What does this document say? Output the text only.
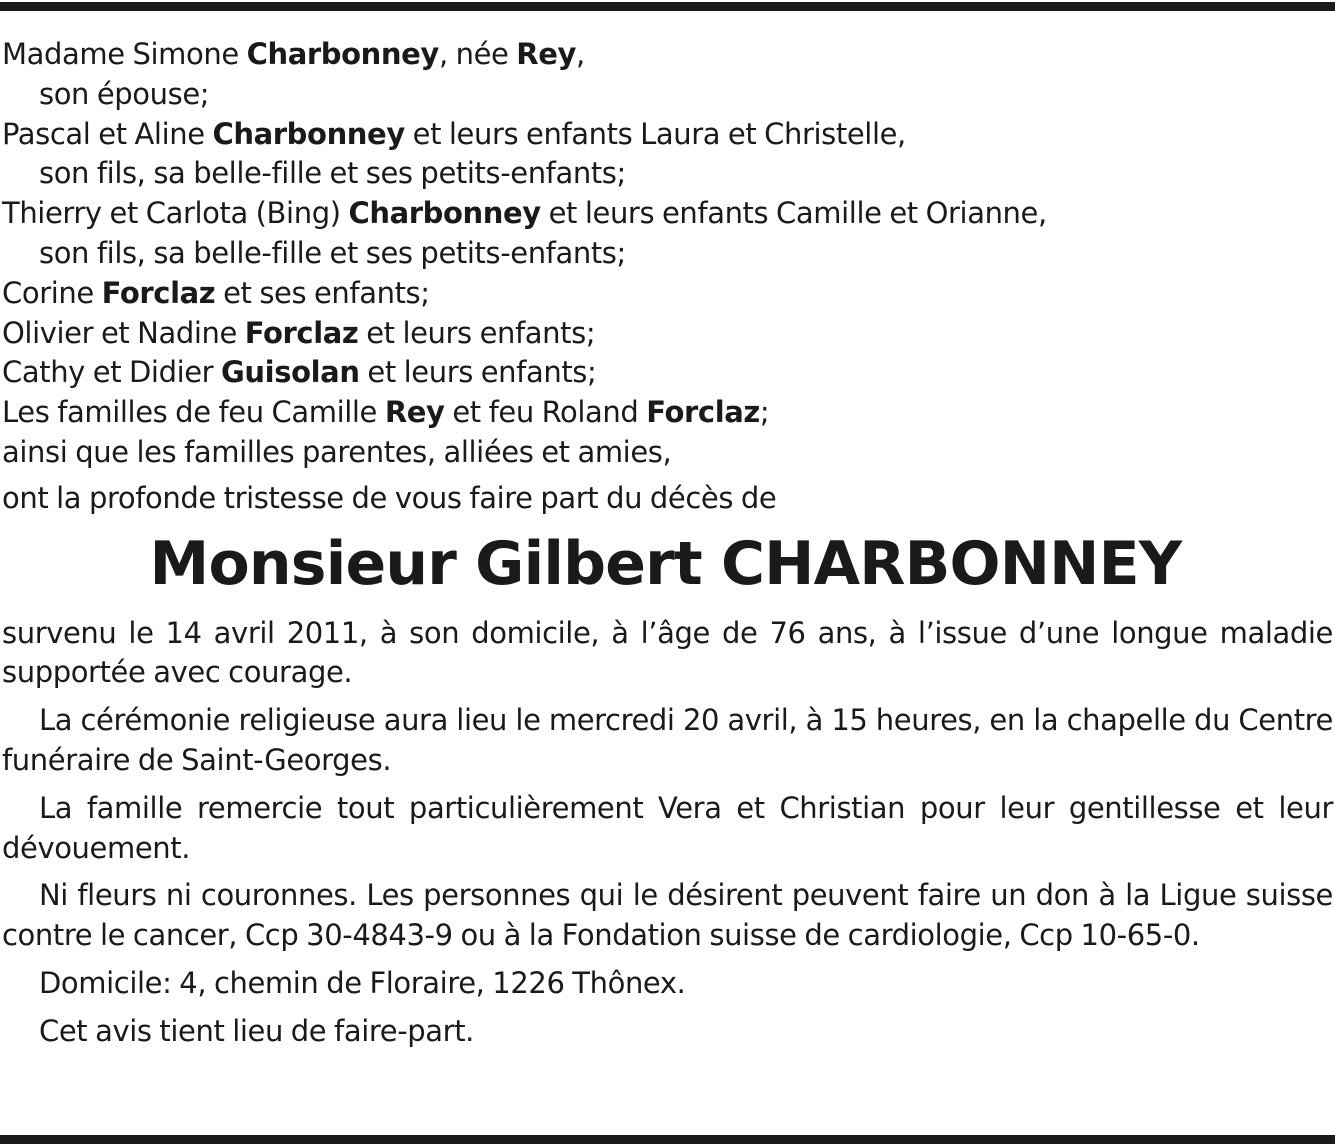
Madame Simone Charbonney, née Rey,
son épouse;
Pascal et Aline Charbonney et leurs enfants Laura et Christelle,
son fils, sa belle-fille et ses petits-enfants;
Thierry et Carlota (Bing) Charbonney et leurs enfants Camille et Orianne,
son fils, sa belle-fille et ses petits-enfants;
Corine Forclaz et ses enfants;
Olivier et Nadine Forclaz et leurs enfants;
Cathy et Didier Guisolan et leurs enfants;
Les familles de feu Camille Rey et feu Roland Forclaz;
ainsi que les familles parentes, alliées et amies,
ont la profonde tristesse de vous faire part du décès de
Monsieur Gilbert CHARBONNEY

survenu le 14 avril 2011, à son domicile, à l’âge de 76 ans, à l’issue d’une longue maladie supportée avec courage.

La cérémonie religieuse aura lieu le mercredi 20 avril, à 15 heures, en la chapelle du Centre funéraire de Saint-Georges.

La famille remercie tout particulièrement Vera et Christian pour leur gentillesse et leur dévouement.

Ni fleurs ni couronnes. Les personnes qui le désirent peuvent faire un don à la Ligue suisse contre le cancer, Ccp 30-4843-9 ou à la Fondation suisse de cardiologie, Ccp 10-65-0.

Domicile: 4, chemin de Floraire, 1226 Thônex.

Cet avis tient lieu de faire-part.
